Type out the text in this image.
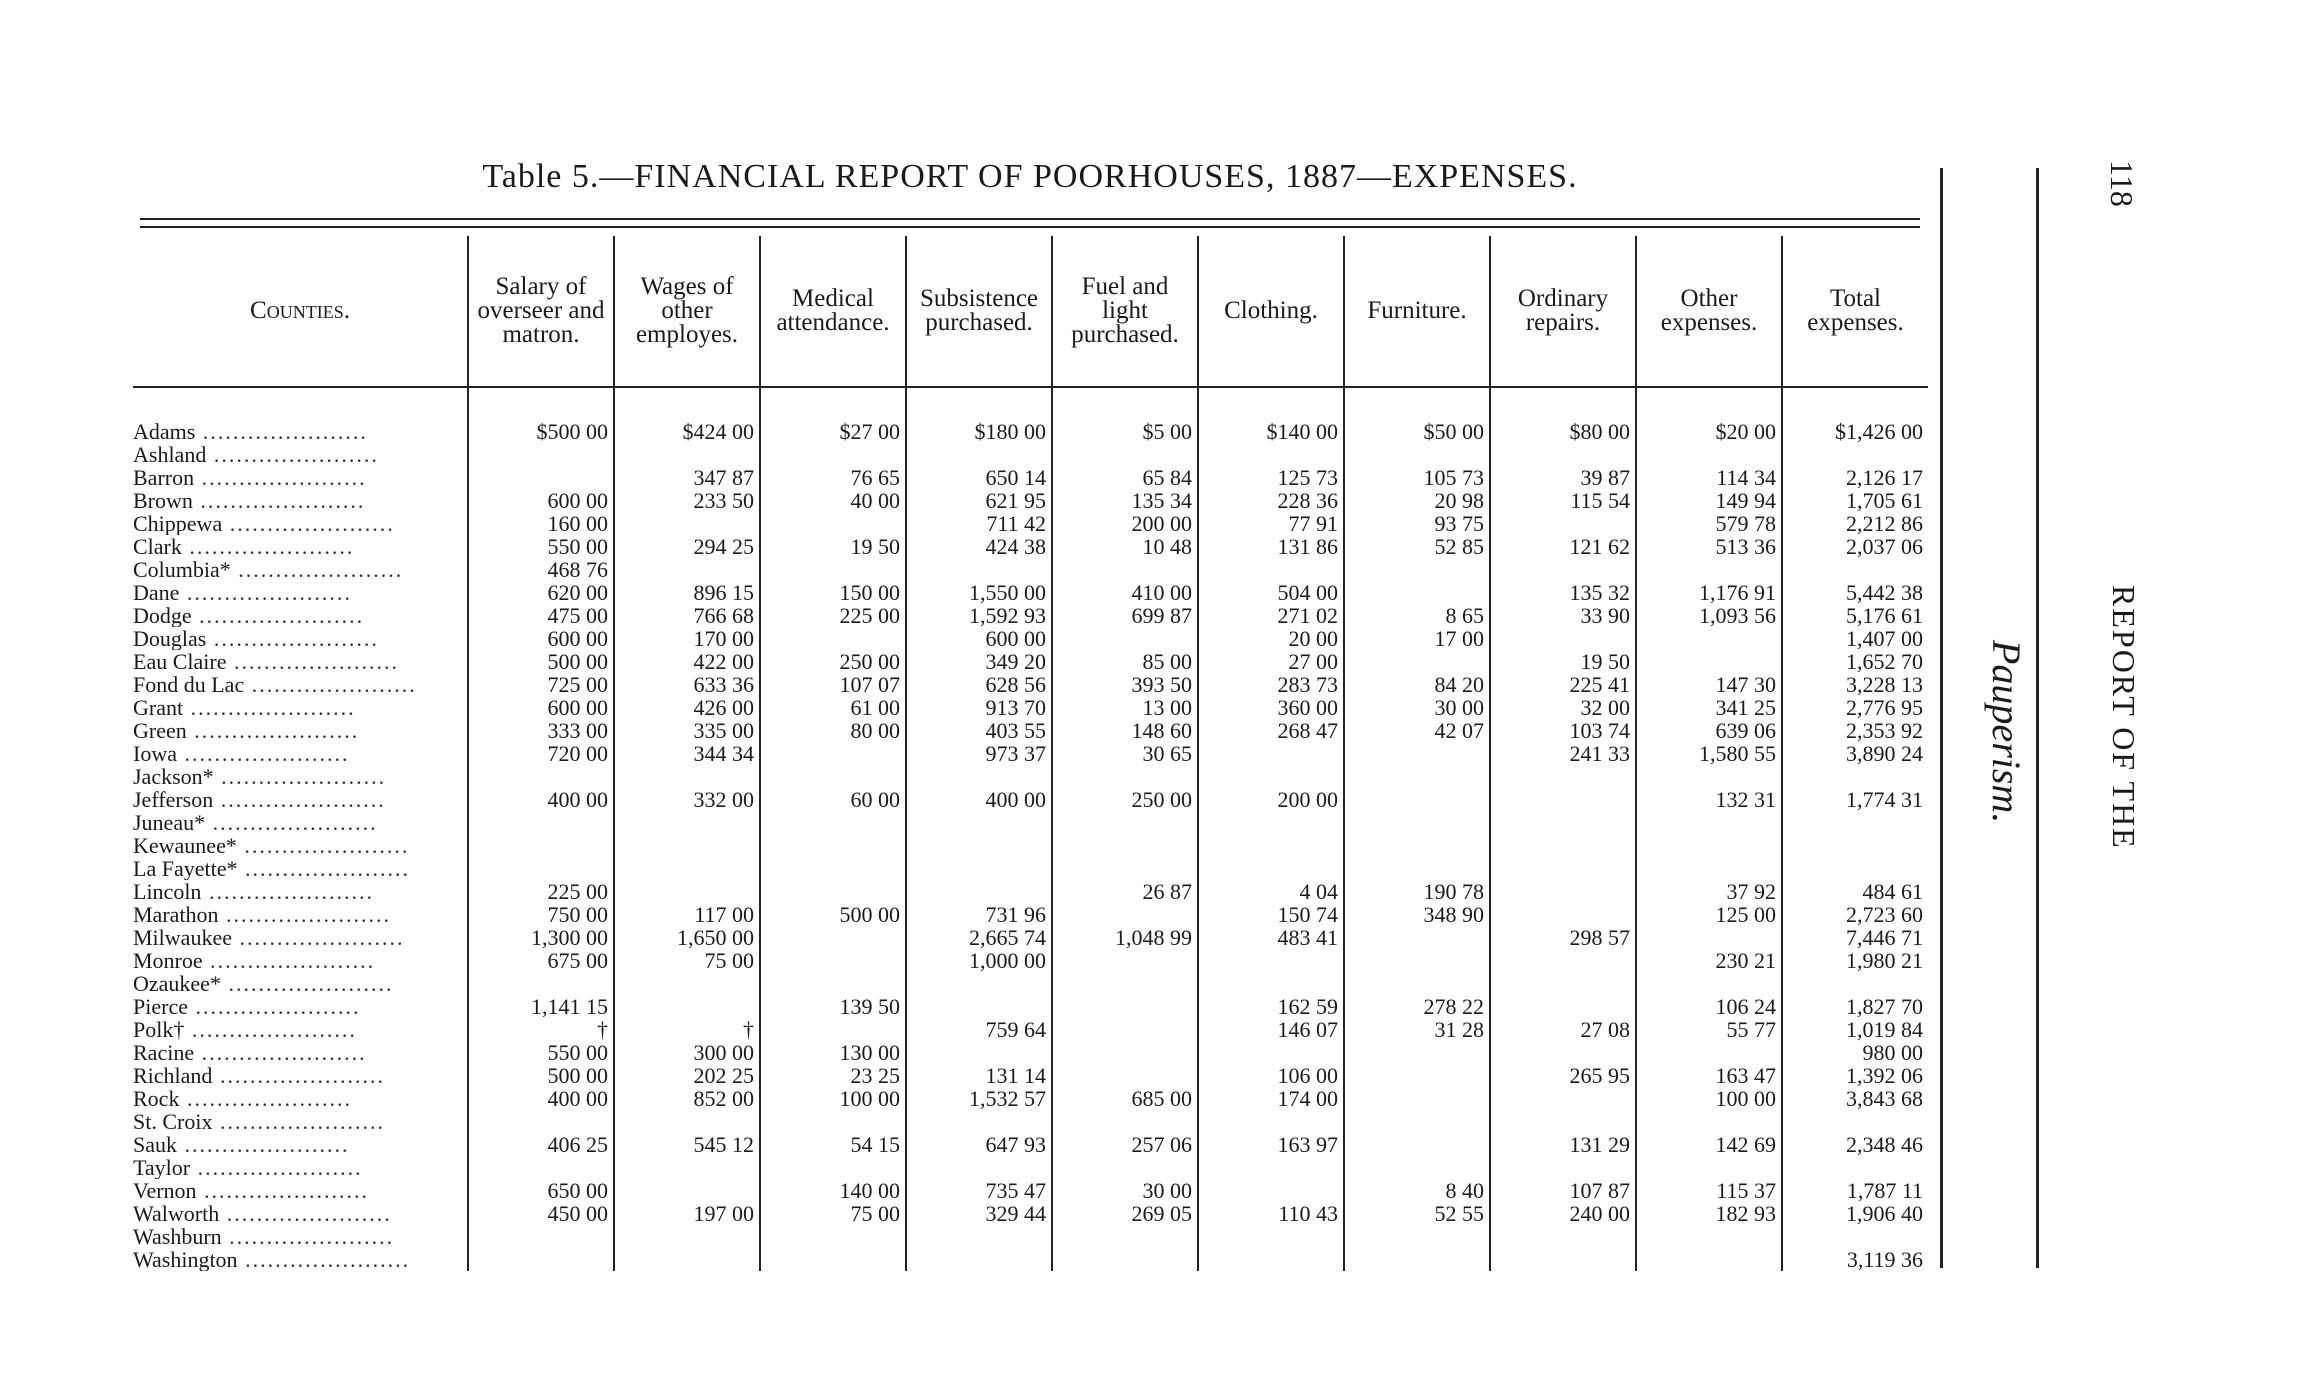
Table 5.—FINANCIAL REPORT OF POORHOUSES, 1887—EXPENSES.	118
REPORT OF THE
Pauperism.
Counties.	Salary of overseer and matron.	Wages of other employes.	Medical attendance.	Subsistence purchased.	Fuel and light purchased.	Clothing.	Furniture.	Ordinary repairs.	Other expenses.	Total expenses.

Adams ......................	$500 00	$424 00	$27 00	$180 00	$5 00	$140 00	$50 00	$80 00	$20 00	$1,426 00
Ashland ......................										
Barron ......................		347 87	76 65	650 14	65 84	125 73	105 73	39 87	114 34	2,126 17
Brown ......................	600 00	233 50	40 00	621 95	135 34	228 36	20 98	115 54	149 94	1,705 61
Chippewa ......................	160 00			711 42	200 00	77 91	93 75		579 78	2,212 86
Clark ......................	550 00	294 25	19 50	424 38	10 48	131 86	52 85	121 62	513 36	2,037 06
Columbia* ......................	468 76									
Dane ......................	620 00	896 15	150 00	1,550 00	410 00	504 00		135 32	1,176 91	5,442 38
Dodge ......................	475 00	766 68	225 00	1,592 93	699 87	271 02	8 65	33 90	1,093 56	5,176 61
Douglas ......................	600 00	170 00		600 00		20 00	17 00			1,407 00
Eau Claire ......................	500 00	422 00	250 00	349 20	85 00	27 00		19 50		1,652 70
Fond du Lac ......................	725 00	633 36	107 07	628 56	393 50	283 73	84 20	225 41	147 30	3,228 13
Grant ......................	600 00	426 00	61 00	913 70	13 00	360 00	30 00	32 00	341 25	2,776 95
Green ......................	333 00	335 00	80 00	403 55	148 60	268 47	42 07	103 74	639 06	2,353 92
Iowa ......................	720 00	344 34		973 37	30 65			241 33	1,580 55	3,890 24
Jackson* ......................										
Jefferson ......................	400 00	332 00	60 00	400 00	250 00	200 00			132 31	1,774 31
Juneau* ......................										
Kewaunee* ......................										
La Fayette* ......................										
Lincoln ......................	225 00				26 87	4 04	190 78		37 92	484 61
Marathon ......................	750 00	117 00	500 00	731 96		150 74	348 90		125 00	2,723 60
Milwaukee ......................	1,300 00	1,650 00		2,665 74	1,048 99	483 41		298 57		7,446 71
Monroe ......................	675 00	75 00		1,000 00					230 21	1,980 21
Ozaukee* ......................										
Pierce ......................	1,141 15		139 50			162 59	278 22		106 24	1,827 70
Polk† ......................	†	†		759 64		146 07	31 28	27 08	55 77	1,019 84
Racine ......................	550 00	300 00	130 00							980 00
Richland ......................	500 00	202 25	23 25	131 14		106 00		265 95	163 47	1,392 06
Rock ......................	400 00	852 00	100 00	1,532 57	685 00	174 00			100 00	3,843 68
St. Croix ......................										
Sauk ......................	406 25	545 12	54 15	647 93	257 06	163 97		131 29	142 69	2,348 46
Taylor ......................										
Vernon ......................	650 00		140 00	735 47	30 00		8 40	107 87	115 37	1,787 11
Walworth ......................	450 00	197 00	75 00	329 44	269 05	110 43	52 55	240 00	182 93	1,906 40
Washburn ......................										
Washington ......................										3,119 36
